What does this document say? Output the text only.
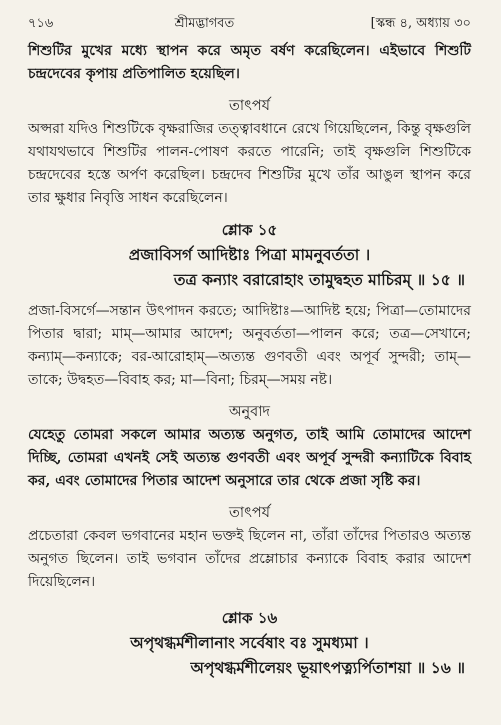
৭১৬	শ্রীমদ্ভাগবত	[স্কন্ধ ৪, অধ্যায় ৩০

শিশুটির মুখের মধ্যে স্থাপন করে অমৃত বর্ষণ করেছিলেন। এইভাবে শিশুটি চন্দ্রদেবের কৃপায় প্রতিপালিত হয়েছিল।

তাৎপর্য

অপ্সরা যদিও শিশুটিকে বৃক্ষরাজির তত্ত্বাবধানে রেখে গিয়েছিলেন, কিন্তু বৃক্ষগুলি যথাযথভাবে শিশুটির পালন-পোষণ করতে পারেনি; তাই বৃক্ষগুলি শিশুটিকে চন্দ্রদেবের হস্তে অর্পণ করেছিল। চন্দ্রদেব শিশুটির মুখে তাঁর আঙুল স্থাপন করে তার ক্ষুধার নিবৃত্তি সাধন করেছিলেন।

শ্লোক ১৫
প্রজাবিসর্গ আদিষ্টাঃ পিত্রা মামনুবর্ততা ।
তত্র কন্যাং বরারোহাং তামুদ্বহত মাচিরম্ ॥ ১৫ ॥

প্রজা-বিসর্গে—সন্তান উৎপাদন করতে; আদিষ্টাঃ—আদিষ্ট হয়ে; পিত্রা—তোমাদের পিতার দ্বারা; মাম্—আমার আদেশ; অনুবর্ততা—পালন করে; তত্র—সেখানে; কন্যাম্—কন্যাকে; বর-আরোহাম্—অত্যন্ত গুণবতী এবং অপূর্ব সুন্দরী; তাম্—তাকে; উদ্বহত—বিবাহ কর; মা—বিনা; চিরম্—সময় নষ্ট।

অনুবাদ

যেহেতু তোমরা সকলে আমার অত্যন্ত অনুগত, তাই আমি তোমাদের আদেশ দিচ্ছি, তোমরা এখনই সেই অত্যন্ত গুণবতী এবং অপূর্ব সুন্দরী কন্যাটিকে বিবাহ কর, এবং তোমাদের পিতার আদেশ অনুসারে তার থেকে প্রজা সৃষ্টি কর।

তাৎপর্য

প্রচেতারা কেবল ভগবানের মহান ভক্তই ছিলেন না, তাঁরা তাঁদের পিতারও অত্যন্ত অনুগত ছিলেন। তাই ভগবান তাঁদের প্রম্লোচার কন্যাকে বিবাহ করার আদেশ দিয়েছিলেন।

শ্লোক ১৬
অপৃথগ্ধর্মশীলানাং সর্বেষাং বঃ সুমধ্যমা ।
অপৃথগ্ধর্মশীলেয়ং ভূয়াৎপত্ন্যর্পিতাশয়া ॥ ১৬ ॥
